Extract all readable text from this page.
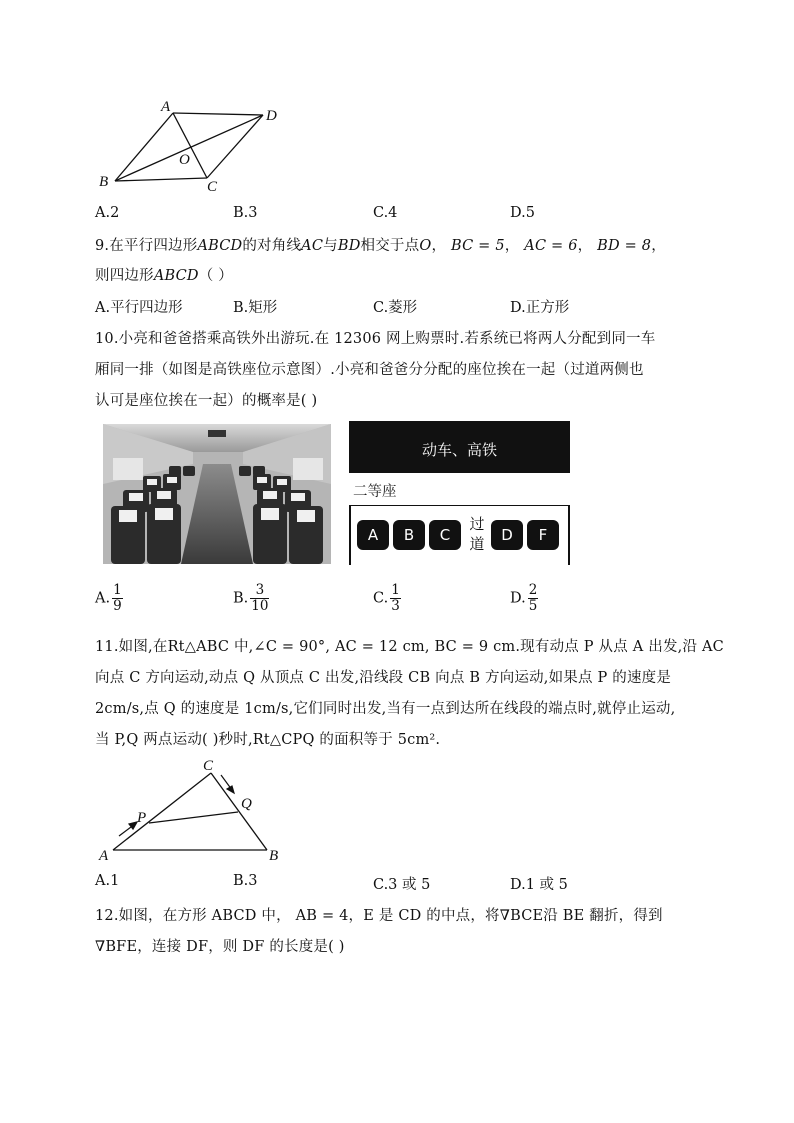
A
D
O
B	C
A.2	B.3	C.4	D.5
9.在平行四边形ABCD的对角线AC与BD相交于点O， BC = 5， AC = 6， BD = 8，
则四边形ABCD（ ）
A.平行四边形	B.矩形	C.菱形	D.正方形
10.小亮和爸爸搭乘高铁外出游玩.在 12306 网上购票时.若系统已将两人分配到同一车
厢同一排（如图是高铁座位示意图）.小亮和爸爸分分配的座位挨在一起（过道两侧也
认可是座位挨在一起）的概率是( )
动车、高铁
二等座
A	B	C
过
道	D	F
A. $\frac{1}{9}$	B. $\frac{3}{10}$	C. $\frac{1}{3}$	D. $\frac{2}{5}$
11.如图,在Rt△ABC 中,∠C = 90°, AC = 12 cm, BC = 9 cm.现有动点 P 从点 A 出发,沿 AC
向点 C 方向运动,动点 Q 从顶点 C 出发,沿线段 CB 向点 B 方向运动,如果点 P 的速度是
2cm/s,点 Q 的速度是 1cm/s,它们同时出发,当有一点到达所在线段的端点时,就停止运动,
当 P,Q 两点运动( )秒时,Rt△CPQ 的面积等于 5cm².
C
Q
P
A	B
A.1	B.3	C.3 或 5	D.1 或 5
12.如图，在方形 ABCD 中， AB = 4，E 是 CD 的中点，将∇BCE沿 BE 翻折，得到
∇BFE，连接 DF，则 DF 的长度是( )
